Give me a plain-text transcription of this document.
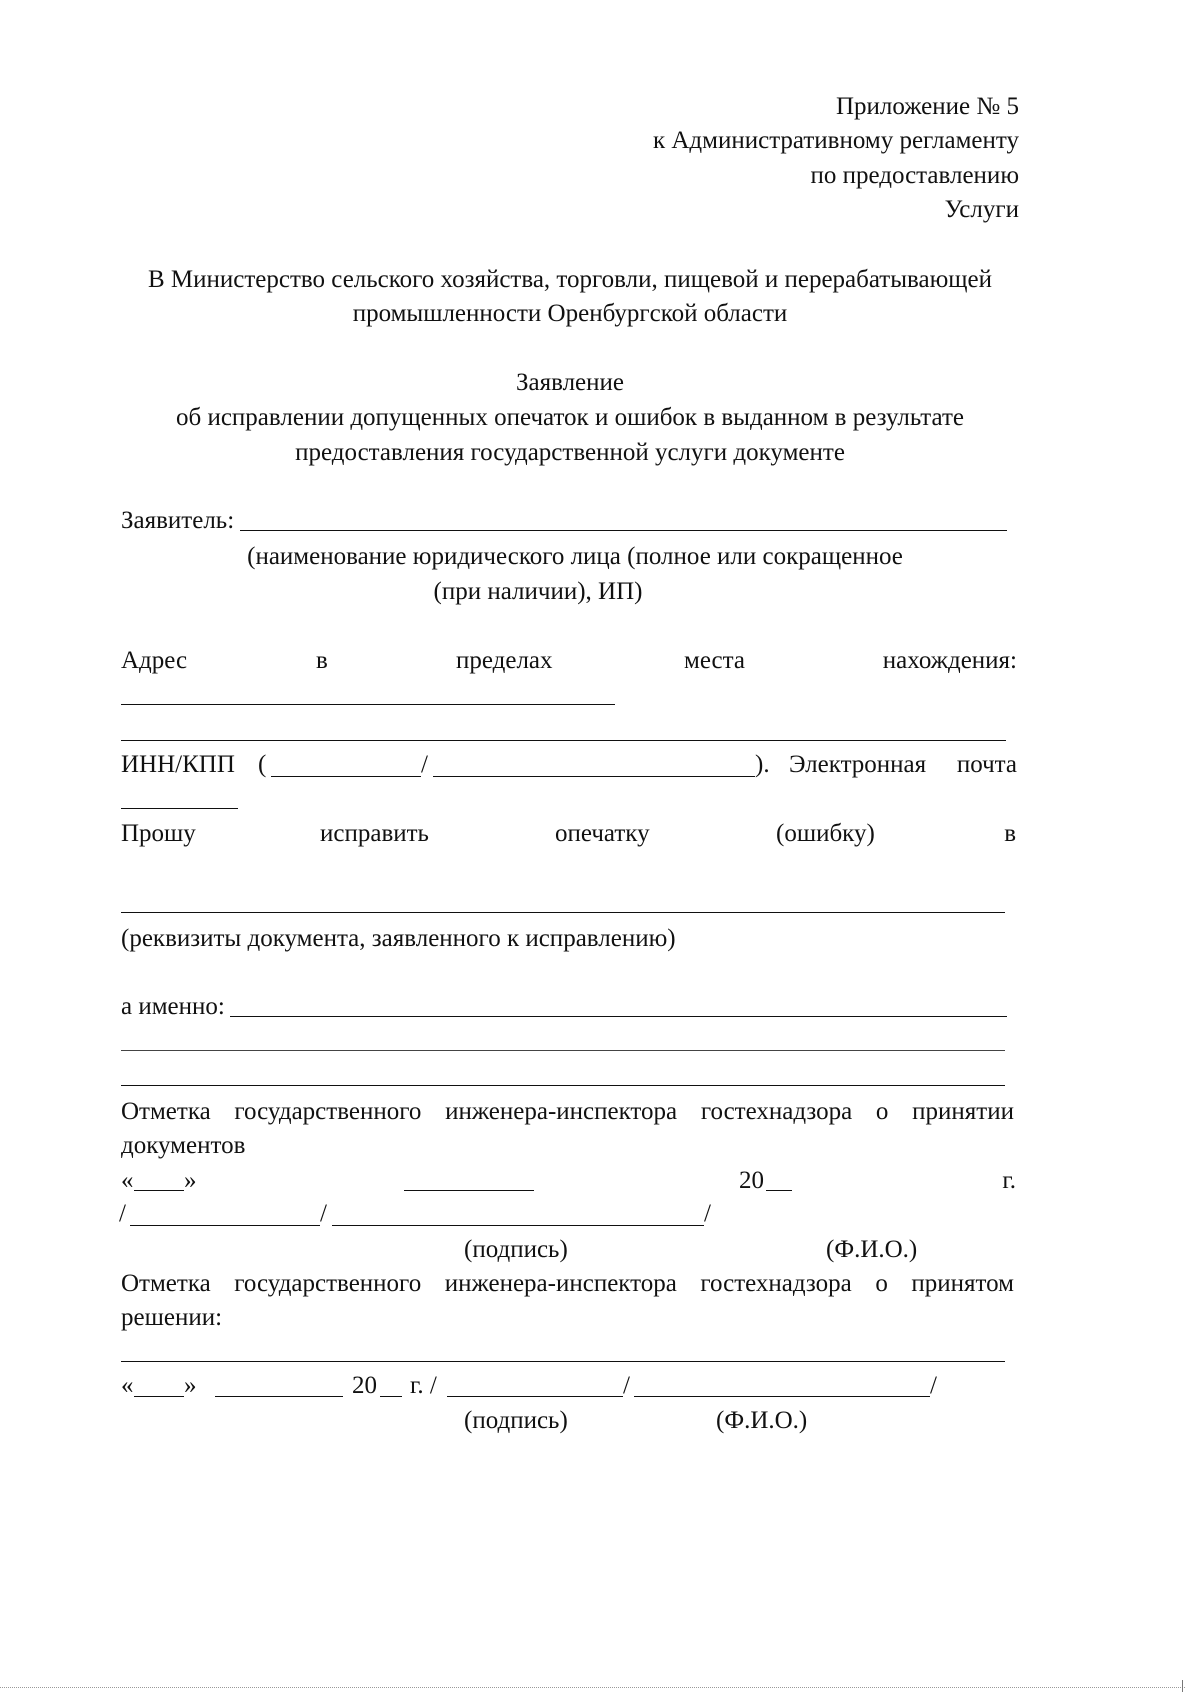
Приложение № 5
к Административному регламенту
по предоставлению
Услуги
В Министерство сельского хозяйства, торговли, пищевой и перерабатывающей
промышленности Оренбургской области
Заявление
об исправлении допущенных опечаток и ошибок в выданном в результате
предоставления государственной услуги документе
Заявитель:
(наименование юридического лица (полное или сокращенное
(при наличии), ИП)
Адрес	в	пределах	места	нахождения:
ИНН/КПП (	/	). Электронная почта
Прошу	исправить	опечатку	(ошибку)	в
(реквизиты документа, заявленного к исправлению)
а именно:
Отметка государственного инженера-инспектора гостехнадзора о принятии
документов
« »	20	г.
/	/	/
(подпись)	(Ф.И.О.)
Отметка государственного инженера-инспектора гостехнадзора о принятом
решении:
« »	20 г. /	/	/
(подпись)	(Ф.И.О.)
